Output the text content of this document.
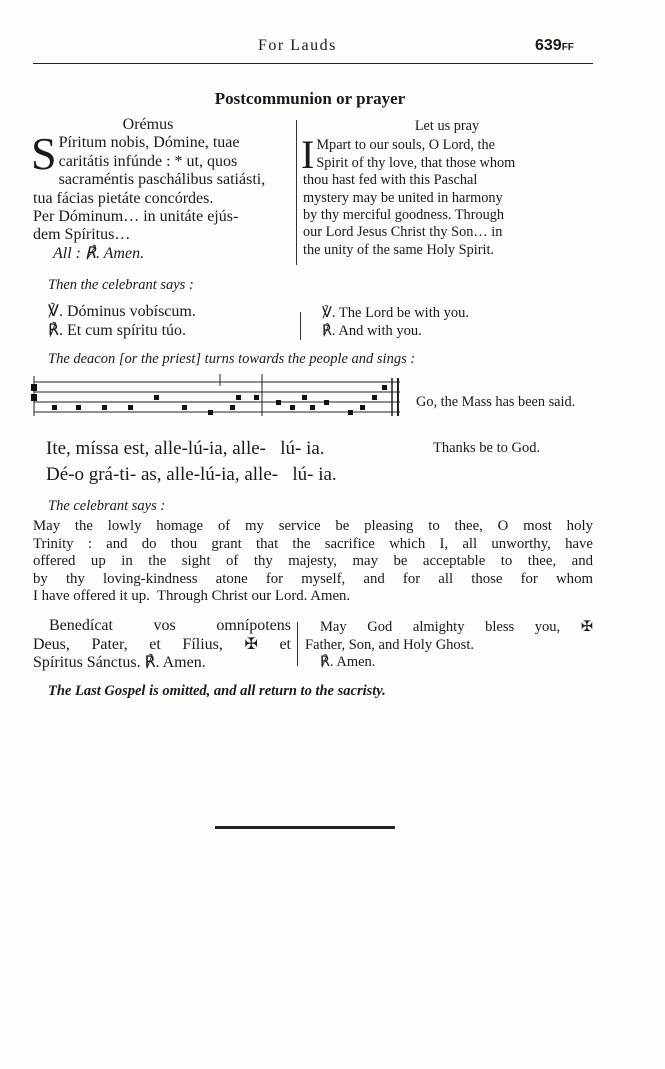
For Lauds	639FF
Postcommunion or prayer
Orémus
S Píritum nobis, Dómine, tuae
caritátis infúnde : * ut, quos
sacraméntis paschálibus satiásti,
tua fácias pietáte concórdes.
Per Dóminum… in unitáte ejús-
dem Spíritus…
All : ℟. Amen.
Let us pray
I Mpart to our souls, O Lord, the
Spirit of thy love, that those whom
thou hast fed with this Paschal
mystery may be united in harmony
by thy merciful goodness. Through
our Lord Jesus Christ thy Son… in
the unity of the same Holy Spirit.
Then the celebrant says :
℣. Dóminus vobíscum.
℟. Et cum spíritu túo.
℣. The Lord be with you.
℟. And with you.
The deacon [or the priest] turns towards the people and sings :
Go, the Mass has been said.
Ite, míssa est, alle-lú-ia, alle-   lú- ia.
Dé-o grá-ti- as, alle-lú-ia, alle-   lú- ia.
Thanks be to God.
The celebrant says :
May the lowly homage of my service be pleasing to thee, O most holy
Trinity : and do thou grant that the sacrifice which I, all unworthy, have
offered up in the sight of thy majesty, may be acceptable to thee, and
by thy loving-kindness atone for myself, and for all those for whom
I have offered it up.  Through Christ our Lord. Amen.
Benedícat vos omnípotens
Deus, Pater, et Fílius, ✠ et
Spíritus Sánctus. ℟. Amen.
May God almighty bless you, ✠
Father, Son, and Holy Ghost.
℟. Amen.
The Last Gospel is omitted, and all return to the sacristy.
